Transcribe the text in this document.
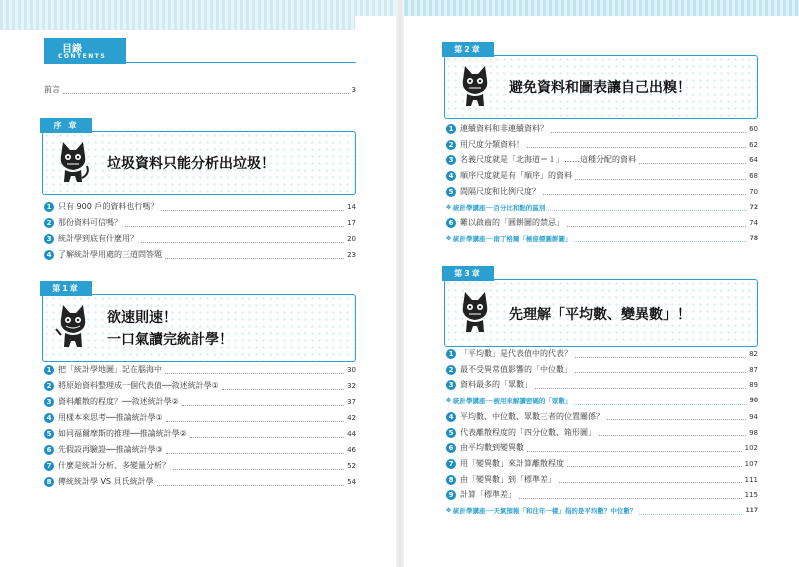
目錄
CONTENTS
前言	3
垃圾資料只能分析出垃圾！
序 章
1 只有 900 戶的資料也行嗎？	14
2 那份資料可信嗎？	17
3 統計學到底有什麼用？	20
4 了解統計學用處的三道問答題	23
欲速則速！
一口氣讀完統計學！
第1章
1 把「統計學地圖」記在腦海中	30
2 將原始資料整理成一個代表值──敘述統計學①	32
3 資料離散的程度？──敘述統計學②	37
4 用樣本來思考──推論統計學①	42
5 如同福爾摩斯的推理──推論統計學②	44
6 先假設再驗證──推論統計學③	46
7 什麼是統計分析、多變量分析？	52
8 傳統統計學 VS 貝氏統計學	54
避免資料和圖表讓自己出糗！
第2章
1 連續資料和非連續資料？	60
2 用尺度分類資料！	62
3 名義尺度就是「北海道＝１」……這種分配的資料	64
4 順序尺度就是有「順序」的資料	68
5 間隔尺度和比例尺度？	70
✽ 統計學講座──百分比和點的區別	72
6 難以啟齒的「圓餅圖的禁忌」	74
✽ 統計學講座──南丁格爾「極座標圓餅圖」	78
先理解「平均數、變異數」！
第3章
1 「平均數」是代表值中的代表？	82
2 最不受異常值影響的「中位數」	87
3 資料最多的「眾數」	89
✽ 統計學講座──被用來解讀密碼的「眾數」	90
4 平均數、中位數、眾數三者的位置關係？	94
5 代表離散程度的「四分位數、箱形圖」	98
6 由平均數到變異數	102
7 用「變異數」來計算離散程度	107
8 由「變異數」到「標準差」	111
9 計算「標準差」	115
✽ 統計學講座──天氣預報「和往年一樣」指的是平均數？中位數？	117
